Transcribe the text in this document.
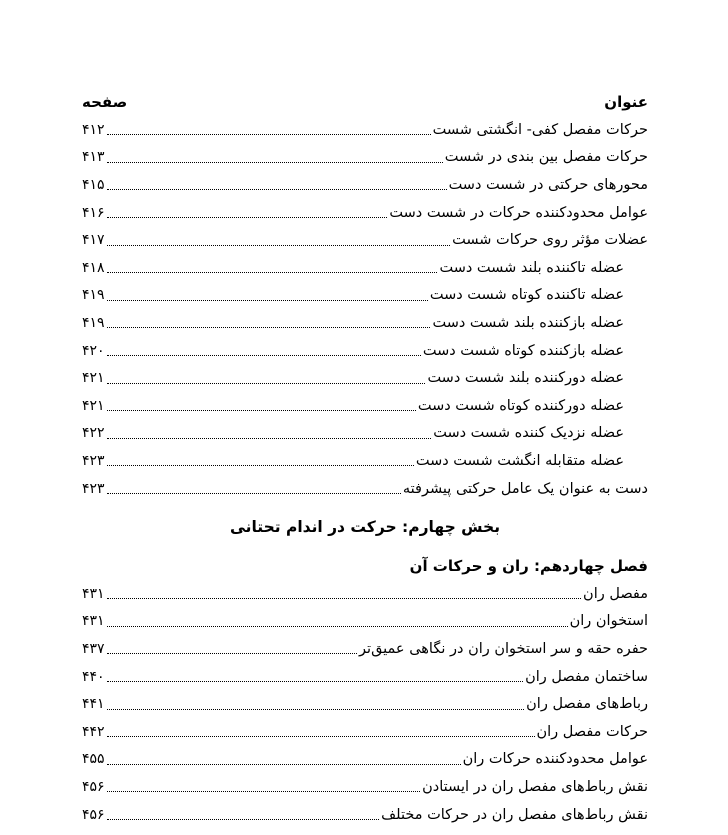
عنوان
صفحه
حرکات مفصل کفی- انگشتی شست
۴۱۲
حرکات مفصل بین بندی در شست
۴۱۳
محورهای حرکتی در شست دست
۴۱۵
عوامل محدودکننده حرکات در شست دست
۴۱۶
عضلات مؤثر روی حرکات شست
۴۱۷
عضله تاکننده بلند شست دست
۴۱۸
عضله تاکننده کوتاه شست دست
۴۱۹
عضله بازکننده بلند شست دست
۴۱۹
عضله بازکننده کوتاه شست دست
۴۲۰
عضله دورکننده بلند شست دست
۴۲۱
عضله دورکننده کوتاه شست دست
۴۲۱
عضله نزدیک کننده شست دست
۴۲۲
عضله متقابله انگشت شست دست
۴۲۳
دست به عنوان یک عامل حرکتی پیشرفته
۴۲۳
بخش چهارم: حرکت در اندام تحتانی
فصل چهاردهم: ران و حرکات آن
مفصل ران
۴۳۱
استخوان ران
۴۳۱
حفره حقه و سر استخوان ران در نگاهی عمیق‌تر
۴۳۷
ساختمان مفصل ران
۴۴۰
رباط‌های مفصل ران
۴۴۱
حرکات مفصل ران
۴۴۲
عوامل محدودکننده حرکات ران
۴۵۵
نقش رباط‌های مفصل ران در ایستادن
۴۵۶
نقش رباط‌های مفصل ران در حرکات مختلف
۴۵۶
